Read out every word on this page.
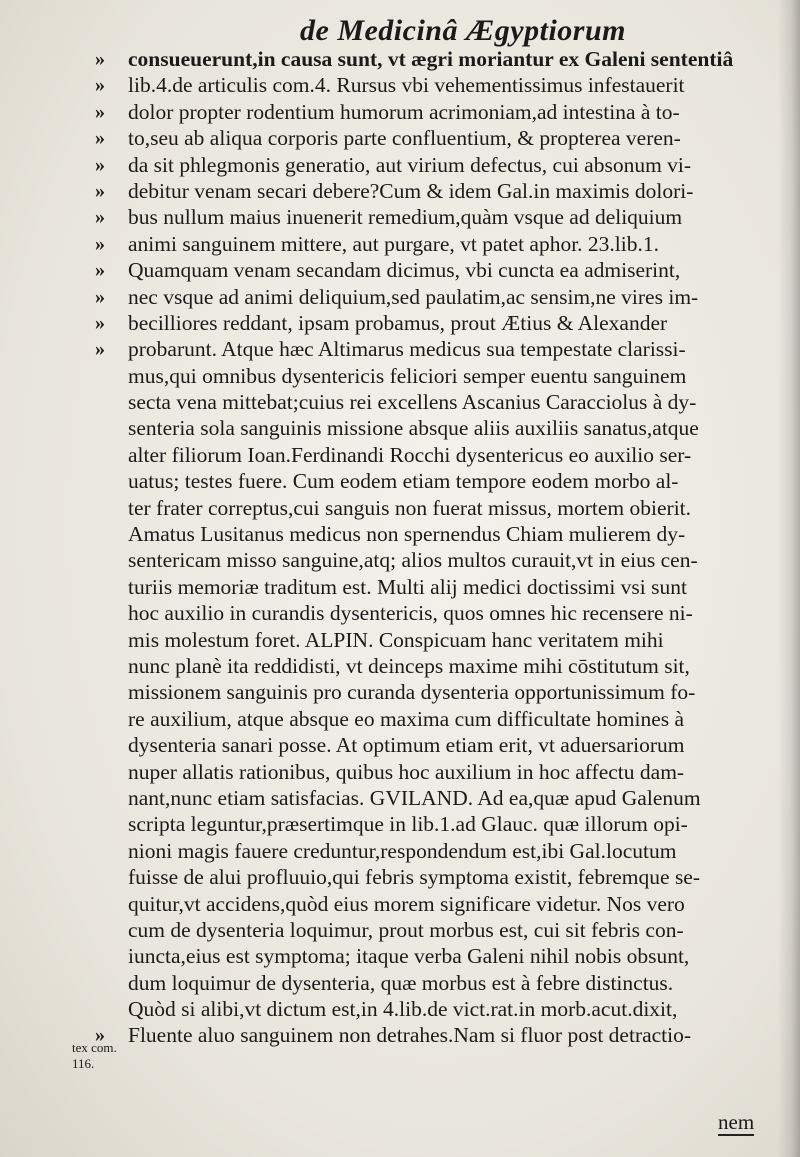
de Medicinâ Ægyptiorum
»	consueuerunt,in causa sunt, vt ægri moriantur ex Galeni sententiâ
»	lib.4.de articulis com.4. Rursus vbi vehementissimus infestauerit
»	dolor propter rodentium humorum acrimoniam,ad intestina à to-
»	to,seu ab aliqua corporis parte confluentium, & propterea veren-
»	da sit phlegmonis generatio, aut virium defectus, cui absonum vi-
»	debitur venam secari debere?Cum & idem Gal.in maximis dolori-
»	bus nullum maius inuenerit remedium,quàm vsque ad deliquium
»	animi sanguinem mittere, aut purgare, vt patet aphor. 23.lib.1.
»	Quamquam venam secandam dicimus, vbi cuncta ea admiserint,
»	nec vsque ad animi deliquium,sed paulatim,ac sensim,ne vires im-
»	becilliores reddant, ipsam probamus, prout Ætius & Alexander
»	probarunt. Atque hæc Altimarus medicus sua tempestate clarissi-
mus,qui omnibus dysentericis feliciori semper euentu sanguinem
secta vena mittebat;cuius rei excellens Ascanius Caracciolus à dy-
senteria sola sanguinis missione absque aliis auxiliis sanatus,atque
alter filiorum Ioan.Ferdinandi Rocchi dysentericus eo auxilio ser-
uatus; testes fuere. Cum eodem etiam tempore eodem morbo al-
ter frater correptus,cui sanguis non fuerat missus, mortem obierit.
Amatus Lusitanus medicus non spernendus Chiam mulierem dy-
sentericam misso sanguine,atq; alios multos curauit,vt in eius cen-
turiis memoriæ traditum est. Multi alij medici doctissimi vsi sunt
hoc auxilio in curandis dysentericis, quos omnes hic recensere ni-
mis molestum foret. ALPIN. Conspicuam hanc veritatem mihi
nunc planè ita reddidisti, vt deinceps maxime mihi cōstitutum sit,
missionem sanguinis pro curanda dysenteria opportunissimum fo-
re auxilium, atque absque eo maxima cum difficultate homines à
dysenteria sanari posse. At optimum etiam erit, vt aduersariorum
nuper allatis rationibus, quibus hoc auxilium in hoc affectu dam-
nant,nunc etiam satisfacias. GVILAND. Ad ea,quæ apud Galenum
scripta leguntur,præsertimque in lib.1.ad Glauc. quæ illorum opi-
nioni magis fauere creduntur,respondendum est,ibi Gal.locutum
fuisse de alui profluuio,qui febris symptoma existit, febremque se-
quitur,vt accidens,quòd eius morem significare videtur. Nos vero
cum de dysenteria loquimur, prout morbus est, cui sit febris con-
iuncta,eius est symptoma; itaque verba Galeni nihil nobis obsunt,
dum loquimur de dysenteria, quæ morbus est à febre distinctus.
Quòd si alibi,vt dictum est,in 4.lib.de vict.rat.in morb.acut.dixit,
»	Fluente aluo sanguinem non detrahes.Nam si fluor post detractio-
tex com.
116.
nem
